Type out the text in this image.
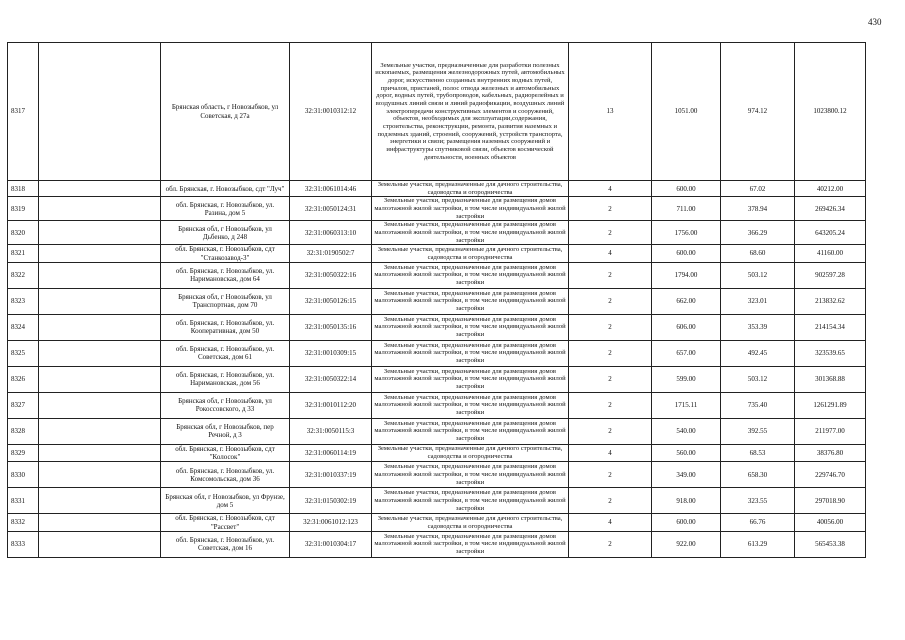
430
8317		Брянская область, г Новозыбков, ул Советская, д 27а	32:31:0010312:12	Земельные участки, предназначенные для разработки полезных ископаемых, размещения железнодорожных путей, автомобильных дорог, искусственно созданных внутренних водных путей, причалов, пристаней, полос отвода железных и автомобильных дорог, водных путей, трубопроводов, кабельных, радиорелейных и воздушных линий связи и линий радиофикации, воздушных линий электропередачи конструктивных элементов и сооружений, объектов, необходимых для эксплуатации,содержания, строительства, реконструкции, ремонта, развития наземных и подземных зданий, строений, сооружений, устройств транспорта, энергетики и связи; размещения наземных сооружений и инфраструктуры спутниковой связи, объектов космической деятельности, военных объектов	13	1051.00	974.12	1023800.12
8318		обл. Брянская, г. Новозыбков, сдт "Луч"	32:31:0061014:46	Земельные участки, предназначенные для дачного строительства, садоводства и огородничества	4	600.00	67.02	40212.00
8319		обл. Брянская, г. Новозыбков, ул. Разина, дом 5	32:31:0050124:31	Земельные участки, предназначенные для размещения домов малоэтажной жилой застройки, в том числе индивидуальной жилой застройки	2	711.00	378.94	269426.34
8320		Брянская обл, г Новозыбков, ул Дьбенко, д 248	32:31:0060313:10	Земельные участки, предназначенные для размещения домов малоэтажной жилой застройки, в том числе индивидуальной жилой застройки	2	1756.00	366.29	643205.24
8321		обл. Брянская, г. Новозыбков, сдт "Станкозавод-3"	32:31:0190502:7	Земельные участки, предназначенные для дачного строительства, садоводства и огородничества	4	600.00	68.60	41160.00
8322		обл. Брянская, г. Новозыбков, ул. Наримановская, дом 64	32:31:0050322:16	Земельные участки, предназначенные для размещения домов малоэтажной жилой застройки, в том числе индивидуальной жилой застройки	2	1794.00	503.12	902597.28
8323		Брянская обл, г Новозыбков, ул Транспортная, дом 70	32:31:0050126:15	Земельные участки, предназначенные для размещения домов малоэтажной жилой застройки, в том числе индивидуальной жилой застройки	2	662.00	323.01	213832.62
8324		обл. Брянская, г. Новозыбков, ул. Кооперативная, дом 50	32:31:0050135:16	Земельные участки, предназначенные для размещения домов малоэтажной жилой застройки, в том числе индивидуальной жилой застройки	2	606.00	353.39	214154.34
8325		обл. Брянская, г. Новозыбков, ул. Советская, дом 61	32:31:0010309:15	Земельные участки, предназначенные для размещения домов малоэтажной жилой застройки, в том числе индивидуальной жилой застройки	2	657.00	492.45	323539.65
8326		обл. Брянская, г. Новозыбков, ул. Наримановская, дом 56	32:31:0050322:14	Земельные участки, предназначенные для размещения домов малоэтажной жилой застройки, в том числе индивидуальной жилой застройки	2	599.00	503.12	301368.88
8327		Брянская обл, г Новозыбков, ул Рокоссовского, д 33	32:31:0010112:20	Земельные участки, предназначенные для размещения домов малоэтажной жилой застройки, в том числе индивидуальной жилой застройки	2	1715.11	735.40	1261291.89
8328		Брянская обл, г Новозыбков, пер Речной, д 3	32:31:0050115:3	Земельные участки, предназначенные для размещения домов малоэтажной жилой застройки, в том числе индивидуальной жилой застройки	2	540.00	392.55	211977.00
8329		обл. Брянская, г. Новозыбков, сдт "Колосок"	32:31:0060114:19	Земельные участки, предназначенные для дачного строительства, садоводства и огородничества	4	560.00	68.53	38376.80
8330		обл. Брянская, г. Новозыбков, ул. Комсомольская, дом 36	32:31:0010337:19	Земельные участки, предназначенные для размещения домов малоэтажной жилой застройки, в том числе индивидуальной жилой застройки	2	349.00	658.30	229746.70
8331		Брянская обл, г Новозыбков, ул Фрунзе, дом 5	32:31:0150302:19	Земельные участки, предназначенные для размещения домов малоэтажной жилой застройки, в том числе индивидуальной жилой застройки	2	918.00	323.55	297018.90
8332		обл. Брянская, г. Новозыбков, сдт "Рассвет"	32:31:0061012:123	Земельные участки, предназначенные для дачного строительства, садоводства и огородничества	4	600.00	66.76	40056.00
8333		обл. Брянская, г. Новозыбков, ул. Советская, дом 16	32:31:0010304:17	Земельные участки, предназначенные для размещения домов малоэтажной жилой застройки, в том числе индивидуальной жилой застройки	2	922.00	613.29	565453.38
